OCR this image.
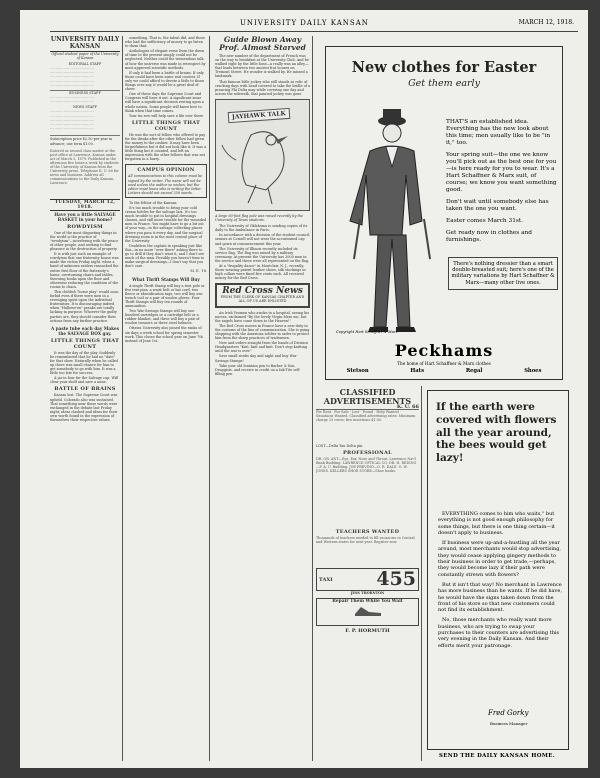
UNIVERSITY DAILY KANSAN	MARCH 12, 1918.
UNIVERSITY DAILY KANSAN
Official student paper of the University of Kansas
EDITORIAL STAFF
………………………………… ………………………………… ………………………………… ………………………………… …………………………………
BUSINESS STAFF
………………………………… …………………………………
NEWS STAFF
………………………………… ………………………………… ………………………………… ………………………………… …………………………………
Subscription price $2.50 per year in advance; one term $1.00.
Entered as second class matter at the post office at Lawrence, Kansas under act of March 3, 1879. Published in the afternoon five times a week by students of the University of Kansas from the University press. Telephone K. U. 66 for news and business. Address all communications to the Daily Kansan, Lawrence.
TUESDAY, MARCH 12, 1918.
Have you a little SALVAGE BASKET in your home?
ROWDYISM

One of the most disgusting things in the world is the practice of "rowdyism"—interfering with the peace of other people, and seeking to find pleasure in the destruction of property.

It is with just such an example of rowdyism that one fraternity house was made the victim Friday night, when a band of unknown raiders ransacked the entire first floor of the fraternity's home, overturning chairs and tables, throwing books upon the floor and otherwise reducing the condition of the rooms to chaos.

This childish "horse play" would soon forbid even if there were men in a revenging spirit upon the individual fraternities. It is discouraging indeed when "Hallowe'en" pranks are totally lacking in purpose. Whoever the guilty parties are, they should consider their actions from any further practice.

A paste tube each day Makes the SALVAGE BOX gay.
LITTLE THINGS THAT COUNT

It was the day of the play. Suddenly he remembered that he had no "date" for that show. Naturally when he called up there was small chance for him to get somebody to go with him. It was a little too late for success.

A jar in four for the Salvage cup. Will clear your shelf and save a mine.

BATTLE OF BRAINS

Kansas lost. The Supreme Court was upheld. Colorado also was sustained. That something near these words were exchanged in the debate last Friday night; ideas clashed and ideas for their own worth found in the expression of themselves their respective values.

something. That is, the talent did, and those who had the sufficiency of money to go listen to them that.

Anthologies of elegant verse from the dawn of time to the present simply could not be neglected. Neither could the tremendous talk of how the universe was made in retrospect by most approved scientific methods.

If only it had been a battle of brains. If only those could have been some real contest. If only we could afford to devote a little to those things over any, it would be a great deal of cheer.

One of these days the Supreme Court and Congress will have it out. A significant issue will have a significant decision resting upon a whole nation. Some people will know how to think when that time comes.

Your tin row will help save a life over there.

LITTLE THINGS THAT COUNT

He was the sort of fellow who offered to pay for the drinks after the other fellow had given the money to the cashier. It may have been forgetfulness but it did not look like it. It was a little thing but it counted, and left an impression with the other fellows that was not forgotten in a hurry.

CAMPUS OPINION
All communications to this column must be signed by the writer. The name will not be used unless the author so wishes, but the editor must know who is writing the letter. Letters should not exceed 250 words.

To the Editor of the Kansan:

It's too much trouble to bring your cold cream bottles for the salvage box. It's too much trouble to put in hospital dressings classes, and still more trouble for the wounded men in France. You might have to go a bit out of your way—to the salvage collecting places where you pass it every day, and the surgical dressing room is in the most central place of the University.

Doubtless the captain in speaking just like this—in no more "over there" asking there to go to drill if they don't want it, and I don't see much of the man. Possibly you haven't time to make surgical dressings—I don't say that you don't care.

M. E. '18.

What Thrift Stamps Will Buy

A single Thrift Stamp will buy a tent pole or five tent pins, a waist belt or hat cord, two fleece or identification tags; two will buy one trench tool or a pair of woolen gloves. Four Thrift Stamps will buy ten rounds of ammunition.

Two War-Savings Stamps will buy one hundred cartridges or a cartridge belt or a rubber blanket, and three will buy a pair of woolen trousers or three steel helmets.

Ottawa University also joined the ranks of six days a week school for spring semester work. This closes the school year on June 7th instead of June 1st.

Guide Blown Away
Prof. Almost Starved

The new number of the department of French was on the way to breakfast at the University Club. And he walked right by the little hose—a really was an alley—that leads between two ancient frat houses on Tremont Street. He wonder is walked by. He missed a landmark.

That famous little jockey who still stands as relic of cracking days with head covered to take the bridle of a prancing Phi Delta may while covering one day and across the sidewalk, that painted jockey was gone.

JAYHAWK TALK
A large 60-foot flag pole was raised recently by the University of Texas students.

The University of Oklahoma is sending copies of its daily to the Ambulance in Paris.

In accordance with a decision of the student council, seniors at Cornell will not wear the accustomed cap and gown at commencement this year.

The University of Illinois recently included its service flag. The flag was raised by a military ceremony. At present the University has 2000 men in the service and these were all represented on the flag.

At a "frugality dance" in Montclair, N. J., recently, those wearing patent leather shoes, silk stockings or high collars were fined five cents each. All received money for the Red Cross.

Red Cross News
FROM THE CLERK OF KANSAS CHAPTER AND ALL OF US ARE ENLISTED

An Irish Yeomen who awoke in a hospital, seeing his nurses, exclaimed "By the lovely Virgin bless me, but the angels have come down to the Heaven!"

The Red Cross nurses in France have a new duty in the customs of the line of communication. She is going shopping with the American soldier in order to protect him from the sharp practices of tradesmen.

New and orders straight from the hands of Division Headquarters "Knit, knit and knit. Don't stop knitting until the war is over."

Save small works day and night and buy War-Savings Stamps!

Take your old fountain pen to Barber & Son, Druggists, and receive in credit on a Ink-Tite self-filling pen.

New clothes for Easter
Get them early
Copyright Hart Schaffner & Marx

THAT'S an established idea. Everything has the new look about this time; men usually like to be "in it," too.

Your spring suit—the one we know you'll pick out as the best one for you—is here ready for you to wear. It's a Hart Schaffner & Marx suit, of course; we know you want something good.

Don't wait until somebody else has taken the one you want.

Easter comes March 31st.

Get ready now in clothes and furnishings.

There's nothing dressier than a smart double-breasted suit; here's one of the military variations by Hart Schaffner & Marx—many other live ones.
Peckhams
The home of Hart Schaffner & Marx clothes
Stetson Hats	Regal Shoes
CLASSIFIED ADVERTISEMENTS
K. U. 66
For Rent · For Sale · Lost · Found · Help Wanted · Situations Wanted. Classified advertising rates: Minimum charge 25 cents; five insertions $1.00.
LOST—Delta Tau Delta pin.
PROFESSIONAL
DR. OR. ANT—Eye, Ear, Nose and Throat. Lawrence Nat'l Bank Building. LAWRENCE OPTICAL CO. DR. H. REDING—F. A. U. Building. JOE PREVINO—O. R. DALE. G. W. JONES. KELLERS SHOE STORE—Shoe books.
TEACHERS WANTED
Thousands of teachers needed to fill vacancies in Central and Western states for next year. Register now.
TAXI 455
JESS THORNTON
Repair Them While You Wait
F. P. HORMUTH
If the earth were covered with flowers all the year around, the bees would get lazy!

EVERYTHING comes to him who waits," but everything is not good enough philosophy for some things, but there is one thing certain—it doesn't apply to business.

If business were up-and-a-hustling all the year around, most merchants would stop advertising, they would cease applying gingery methods to their business in order to get trade,—perhaps, they would become lazy if their path were constantly strewn with flowers?

But it isn't that way! No merchant in Lawrence has more business than he wants. If he did have, he would have the signs taken down from the front of his store so that new customers could not find its establishment.

No, those merchants who really want more business, who are trying to swap your purchases to their counters are advertising this very evening in the Daily Kansan. And their efforts merit your patronage.

Fred Gorky
Business Manager
SEND THE DAILY KANSAN HOME.
